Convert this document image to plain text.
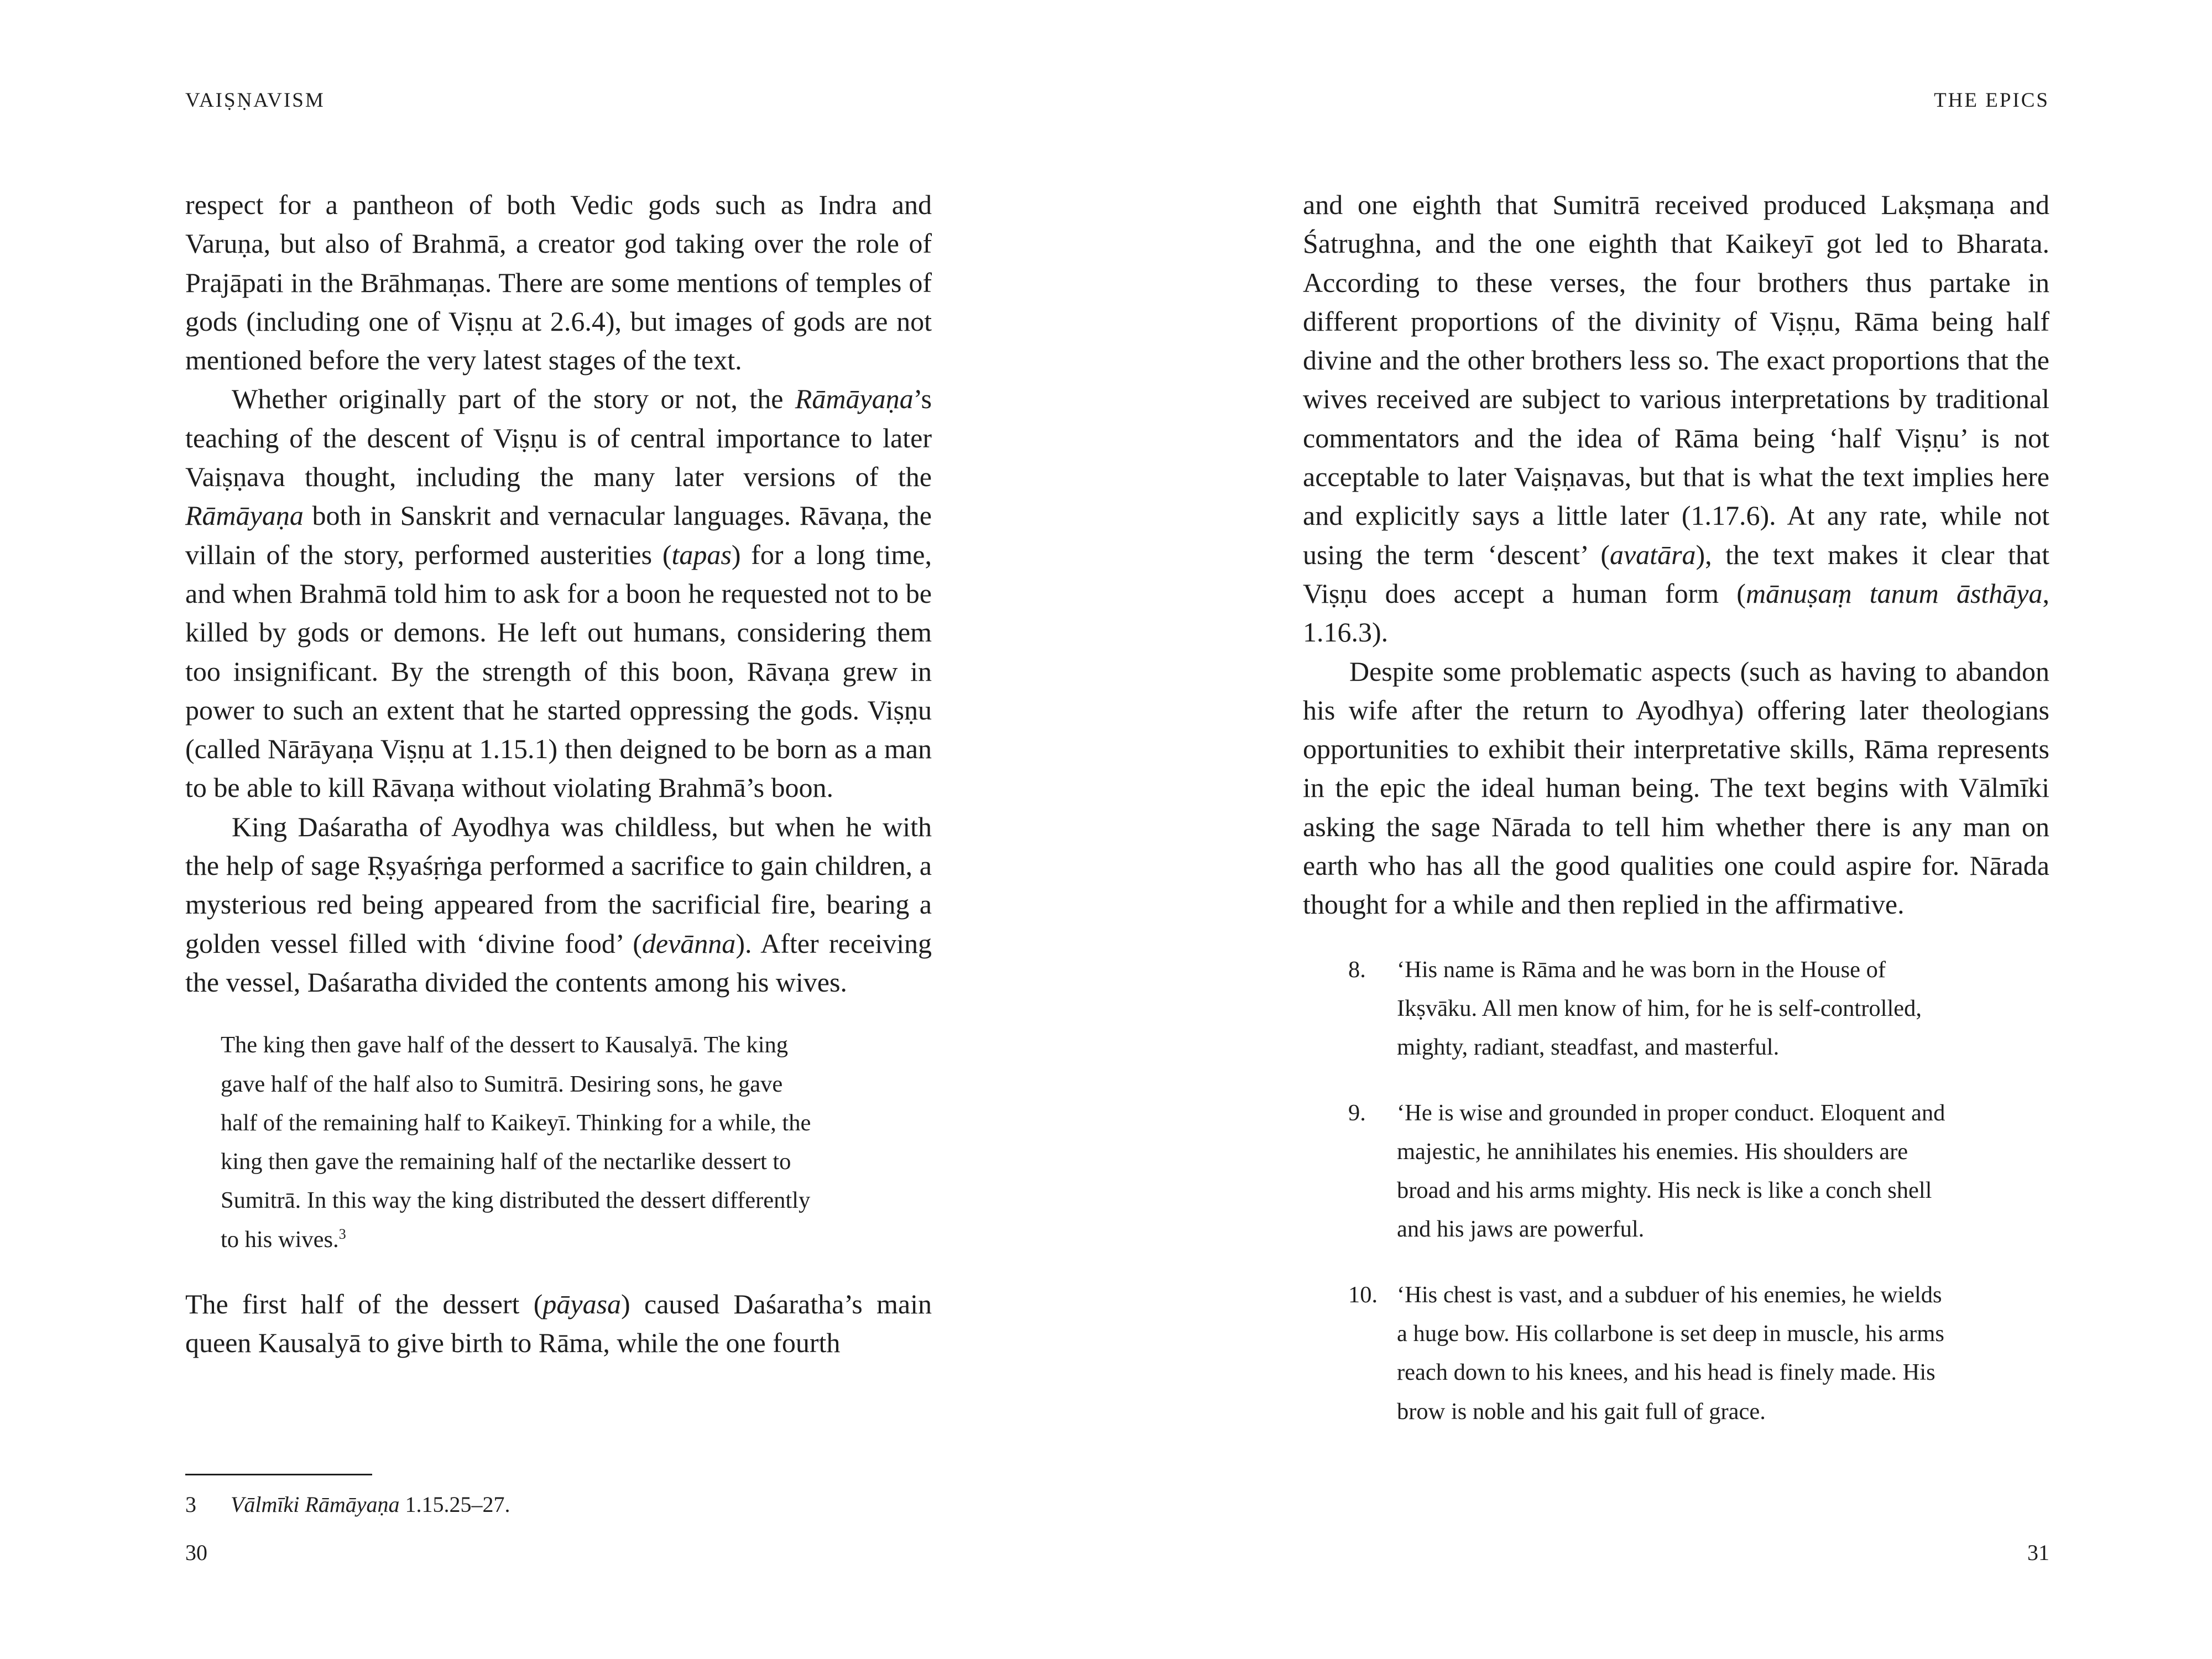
VAIṢṆAVISM

respect for a pantheon of both Vedic gods such as Indra and Varuṇa, but also of Brahmā, a creator god taking over the role of Prajāpati in the Brāhmaṇas. There are some mentions of temples of gods (including one of Viṣṇu at 2.6.4), but images of gods are not mentioned before the very latest stages of the text.

Whether originally part of the story or not, the Rāmāyaṇa’s teaching of the descent of Viṣṇu is of central importance to later Vaiṣṇava thought, including the many later versions of the Rāmāyaṇa both in Sanskrit and vernacular languages. Rāvaṇa, the villain of the story, performed austerities (tapas) for a long time, and when Brahmā told him to ask for a boon he requested not to be killed by gods or demons. He left out humans, considering them too insignificant. By the strength of this boon, Rāvaṇa grew in power to such an extent that he started oppressing the gods. Viṣṇu (called Nārāyaṇa Viṣṇu at 1.15.1) then deigned to be born as a man to be able to kill Rāvaṇa without violating Brahmā’s boon.

King Daśaratha of Ayodhya was childless, but when he with the help of sage Ṛṣyaśṛṅga performed a sacrifice to gain children, a mysterious red being appeared from the sacrificial fire, bearing a golden vessel filled with ‘divine food’ (devānna). After receiving the vessel, Daśaratha divided the contents among his wives.

The king then gave half of the dessert to Kausalyā. The king
gave half of the half also to Sumitrā. Desiring sons, he gave
half of the remaining half to Kaikeyī. Thinking for a while, the
king then gave the remaining half of the nectarlike dessert to
Sumitrā. In this way the king distributed the dessert differently
to his wives.$^3$

The first half of the dessert (pāyasa) caused Daśaratha’s main queen Kausalyā to give birth to Rāma, while the one fourth

3 Vālmīki Rāmāyaṇa 1.15.25–27.
30
THE EPICS

and one eighth that Sumitrā received produced Lakṣmaṇa and Śatrughna, and the one eighth that Kaikeyī got led to Bharata. According to these verses, the four brothers thus partake in different proportions of the divinity of Viṣṇu, Rāma being half divine and the other brothers less so. The exact proportions that the wives received are subject to various interpretations by traditional commentators and the idea of Rāma being ‘half Viṣṇu’ is not acceptable to later Vaiṣṇavas, but that is what the text implies here and explicitly says a little later (1.17.6). At any rate, while not using the term ‘descent’ (avatāra), the text makes it clear that Viṣṇu does accept a human form (mānuṣaṃ tanum āsthāya, 1.16.3).

Despite some problematic aspects (such as having to abandon his wife after the return to Ayodhya) offering later theologians opportunities to exhibit their interpretative skills, Rāma represents in the epic the ideal human being. The text begins with Vālmīki asking the sage Nārada to tell him whether there is any man on earth who has all the good qualities one could aspire for. Nārada thought for a while and then replied in the affirmative.

8. ‘His name is Rāma and he was born in the House of
Ikṣvāku. All men know of him, for he is self-controlled,
mighty, radiant, steadfast, and masterful.
9. ‘He is wise and grounded in proper conduct. Eloquent and
majestic, he annihilates his enemies. His shoulders are
broad and his arms mighty. His neck is like a conch shell
and his jaws are powerful.
10. ‘His chest is vast, and a subduer of his enemies, he wields
a huge bow. His collarbone is set deep in muscle, his arms
reach down to his knees, and his head is finely made. His
brow is noble and his gait full of grace.
31
